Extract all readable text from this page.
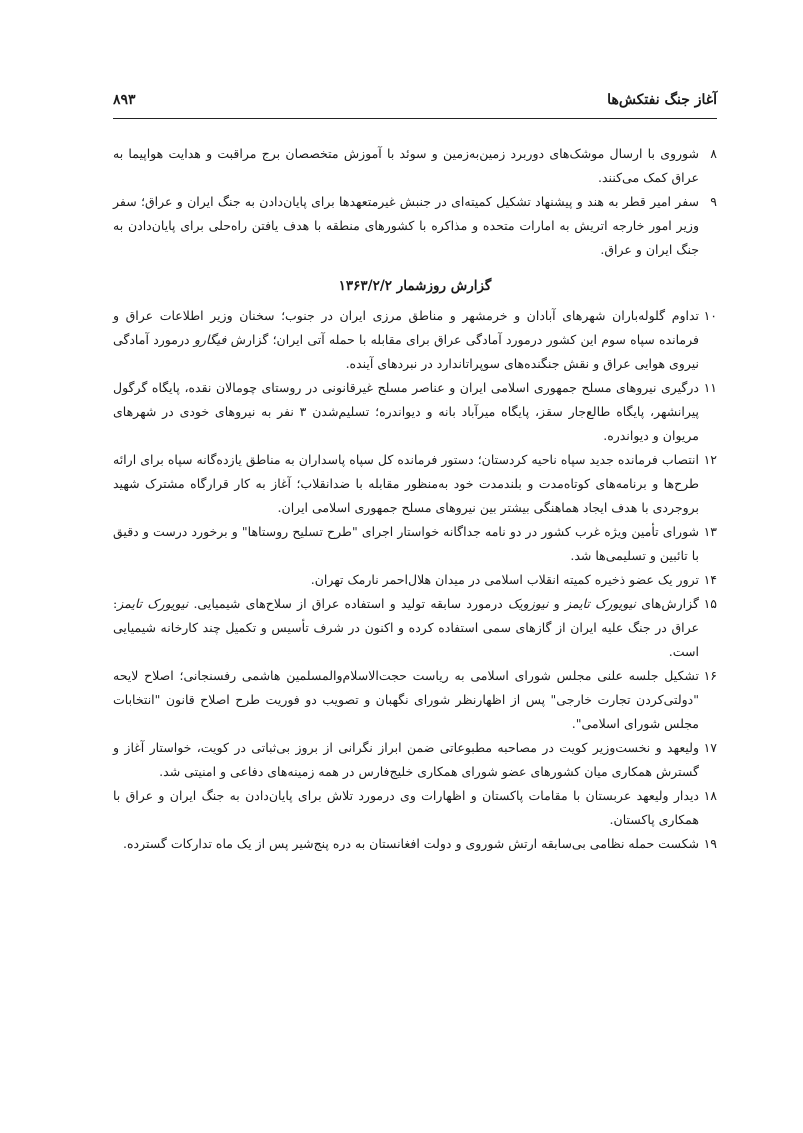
آغاز جنگ نفتکش‌ها
۸۹۳
۸
شوروی با ارسال موشک‌های دوربرد زمین‌به‌زمین و سوئد با آموزش متخصصان برج مراقبت و هدایت هواپیما به عراق کمک می‌کنند.
۹
سفر امیر قطر به هند و پیشنهاد تشکیل کمیته‌ای در جنبش غیرمتعهدها برای پایان‌دادن به جنگ ایران و عراق؛ سفر وزیر امور خارجه اتریش به امارات متحده و مذاکره با کشورهای منطقه با هدف یافتن راه‌حلی برای پایان‌دادن به جنگ ایران و عراق.
گزارش روزشمار ۱۳۶۳/۲/۲
۱۰
تداوم گلوله‌باران شهرهای آبادان و خرمشهر و مناطق مرزی ایران در جنوب؛ سخنان وزیر اطلاعات عراق و فرمانده سپاه سوم این کشور درمورد آمادگی عراق برای مقابله با حمله آتی ایران؛ گزارش فیگارو درمورد آمادگی نیروی هوایی عراق و نقش جنگنده‌های سوپراتاندارد در نبردهای آینده.
۱۱
درگیری نیروهای مسلح جمهوری اسلامی ایران و عناصر مسلح غیرقانونی در روستای چومالان نقده، پایگاه گرگول پیرانشهر، پایگاه طالع‌جار سقز، پایگاه میرآباد بانه و دیواندره؛ تسلیم‌شدن ۳ نفر به نیروهای خودی در شهرهای مریوان و دیواندره.
۱۲
انتصاب فرمانده جدید سپاه ناحیه کردستان؛ دستور فرمانده کل سپاه پاسداران به مناطق یازده‌گانه سپاه برای ارائه طرح‌ها و برنامه‌های کوتاه‌مدت و بلندمدت خود به‌منظور مقابله با ضدانقلاب؛ آغاز به کار قرارگاه مشترک شهید بروجردی با هدف ایجاد هماهنگی بیشتر بین نیروهای مسلح جمهوری اسلامی ایران.
۱۳
شورای تأمین ویژه غرب کشور در دو نامه جداگانه خواستار اجرای "طرح تسلیح روستاها" و برخورد درست و دقیق با تائبین و تسلیمی‌ها شد.
۱۴
ترور یک عضو ذخیره کمیته انقلاب اسلامی در میدان هلال‌احمر نارمک تهران.
۱۵
گزارش‌های نیویورک تایمز و نیوزویک درمورد سابقه تولید و استفاده عراق از سلاح‌های شیمیایی. نیویورک تایمز: عراق در جنگ علیه ایران از گازهای سمی استفاده کرده و اکنون در شرف تأسیس و تکمیل چند کارخانه شیمیایی است.
۱۶
تشکیل جلسه علنی مجلس شورای اسلامی به ریاست حجت‌الاسلام‌والمسلمین هاشمی رفسنجانی؛ اصلاح لایحه "دولتی‌کردن تجارت خارجی" پس از اظهارنظر شورای نگهبان و تصویب دو فوریت طرح اصلاح قانون "انتخابات مجلس شورای اسلامی".
۱۷
ولیعهد و نخست‌وزیر کویت در مصاحبه مطبوعاتی ضمن ابراز نگرانی از بروز بی‌ثباتی در کویت، خواستار آغاز و گسترش همکاری میان کشورهای عضو شورای همکاری خلیج‌فارس در همه زمینه‌های دفاعی و امنیتی شد.
۱۸
دیدار ولیعهد عربستان با مقامات پاکستان و اظهارات وی درمورد تلاش برای پایان‌دادن به جنگ ایران و عراق با همکاری پاکستان.
۱۹
شکست حمله نظامی بی‌سابقه ارتش شوروی و دولت افغانستان به دره پنج‌شیر پس از یک ماه تدارکات گسترده.
